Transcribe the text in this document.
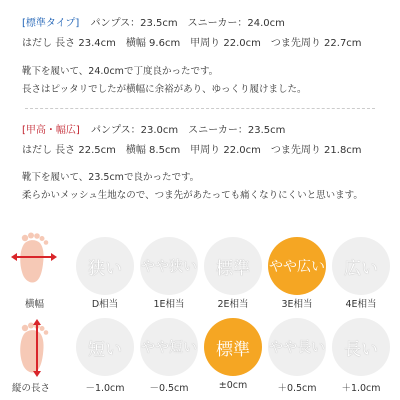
[標準タイプ] パンプス：23.5cm　スニーカー：24.0cm
はだし 長さ 23.4cm　横幅 9.6cm　甲周り 22.0cm　つま先周り 22.7cm
靴下を履いて、24.0cmで丁度良かったです。
長さはピッタリでしたが横幅に余裕があり、ゆっくり履けました。
[甲高・幅広] パンプス：23.0cm　スニーカー：23.5cm
はだし 長さ 22.5cm　横幅 8.5cm　甲周り 22.0cm　つま先周り 21.8cm
靴下を履いて、23.5cmで良かったです。
柔らかいメッシュ生地なので、つま先があたっても痛くなりにくいと思います。
横幅
狭い	やや狭い	標準	やや広い	広い
D相当	1E相当	2E相当	3E相当	4E相当
縦の長さ
短い	やや短い	標準	やや長い	長い
－1.0cm	－0.5cm	±0cm	＋0.5cm	＋1.0cm
